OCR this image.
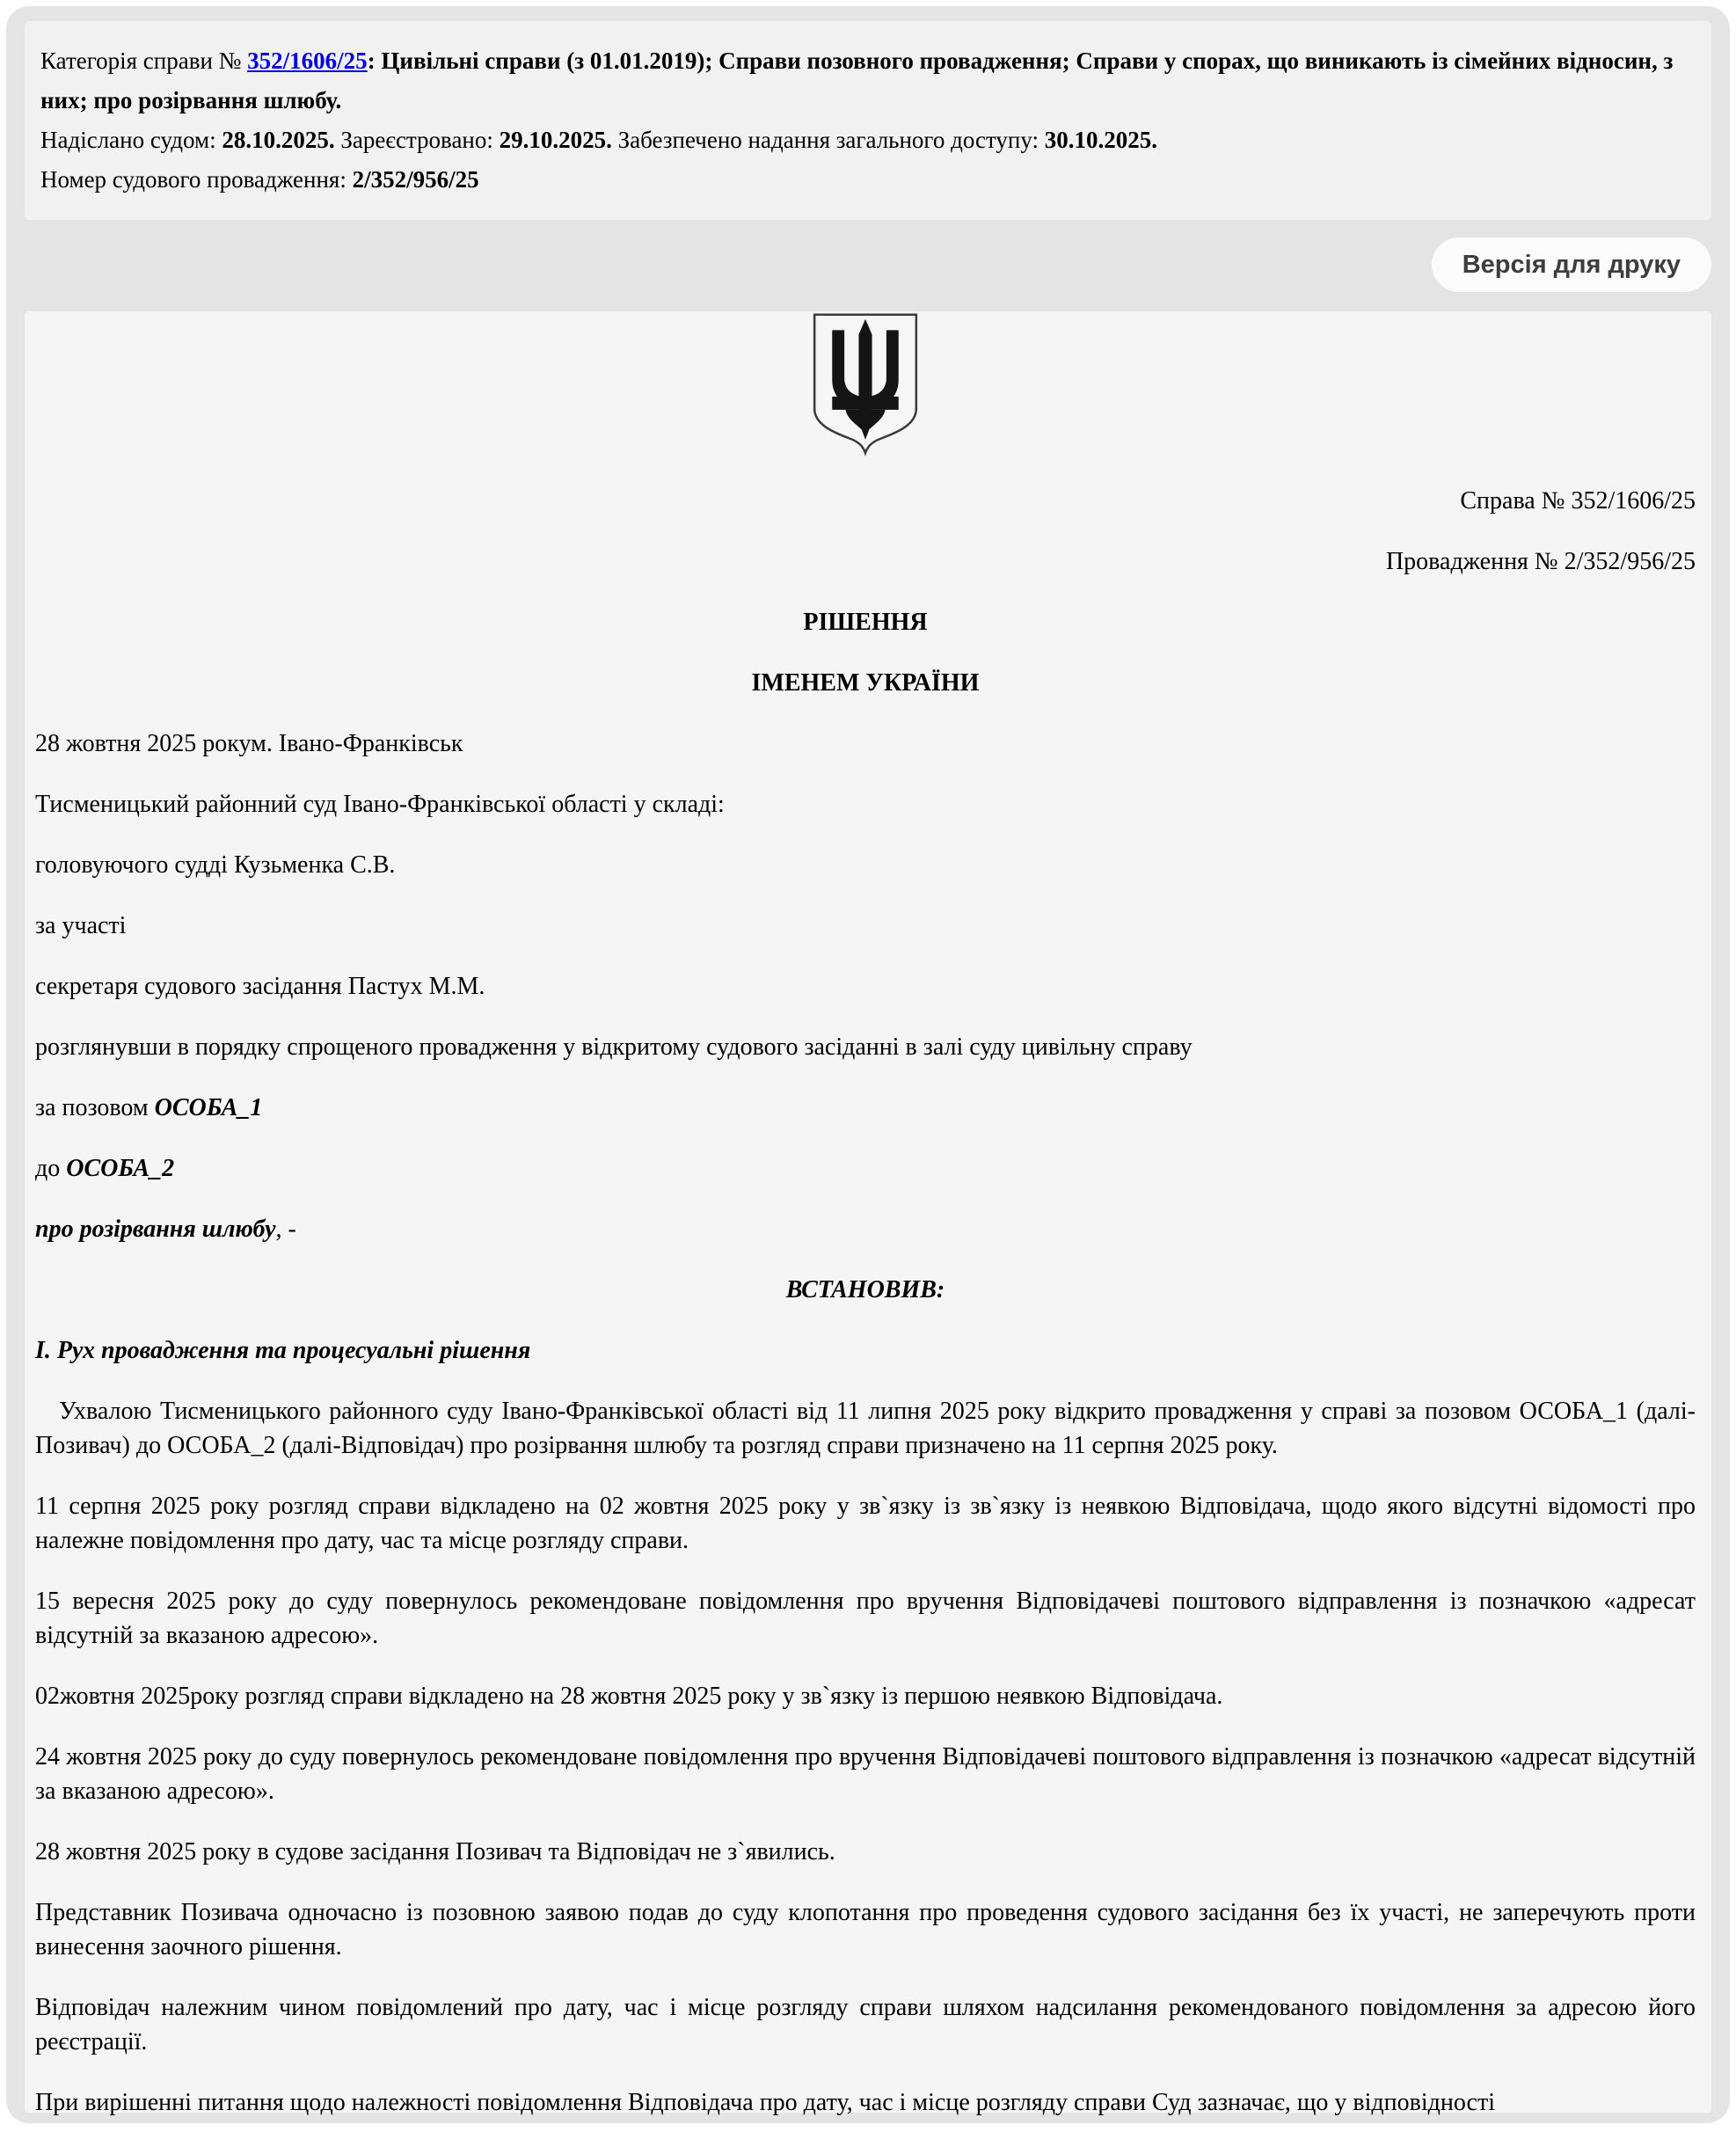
Категорія справи № 352/1606/25: Цивільні справи (з 01.01.2019); Справи позовного провадження; Справи у спорах, що виникають із сімейних відносин, з них; про розірвання шлюбу.

Надіслано судом: 28.10.2025. Зареєстровано: 29.10.2025. Забезпечено надання загального доступу: 30.10.2025.

Номер судового провадження: 2/352/956/25

Версія для друку

Справа № 352/1606/25

Провадження № 2/352/956/25

РІШЕННЯ

ІМЕНЕМ УКРАЇНИ

28 жовтня 2025 рокум. Івано-Франківськ

Тисменицький районний суд Івано-Франківської області у складі:

головуючого судді Кузьменка С.В.

за участі

секретаря судового засідання Пастух М.М.

розглянувши в порядку спрощеного провадження у відкритому судового засіданні в залі суду цивільну справу

за позовом ОСОБА_1

до ОСОБА_2

про розірвання шлюбу, -

ВСТАНОВИВ:

І. Рух провадження та процесуальні рішення

Ухвалою Тисменицького районного суду Івано-Франківської області від 11 липня 2025 року відкрито провадження у справі за позовом ОСОБА_1 (далі- Позивач) до ОСОБА_2 (далі-Відповідач) про розірвання шлюбу та розгляд справи призначено на 11 серпня 2025 року.

11 серпня 2025 року розгляд справи відкладено на 02 жовтня 2025 року у зв`язку із зв`язку із неявкою Відповідача, щодо якого відсутні відомості про належне повідомлення про дату, час та місце розгляду справи.

15 вересня 2025 року до суду повернулось рекомендоване повідомлення про вручення Відповідачеві поштового відправлення із позначкою «адресат відсутній за вказаною адресою».

02жовтня 2025року розгляд справи відкладено на 28 жовтня 2025 року у зв`язку із першою неявкою Відповідача.

24 жовтня 2025 року до суду повернулось рекомендоване повідомлення про вручення Відповідачеві поштового відправлення із позначкою «адресат відсутній за вказаною адресою».

28 жовтня 2025 року в судове засідання Позивач та Відповідач не з`явились.

Представник Позивача одночасно із позовною заявою подав до суду клопотання про проведення судового засідання без їх участі, не заперечують проти винесення заочного рішення.

Відповідач належним чином повідомлений про дату, час і місце розгляду справи шляхом надсилання рекомендованого повідомлення за адресою його реєстрації.

При вирішенні питання щодо належності повідомлення Відповідача про дату, час і місце розгляду справи Суд зазначає, що у відповідності
